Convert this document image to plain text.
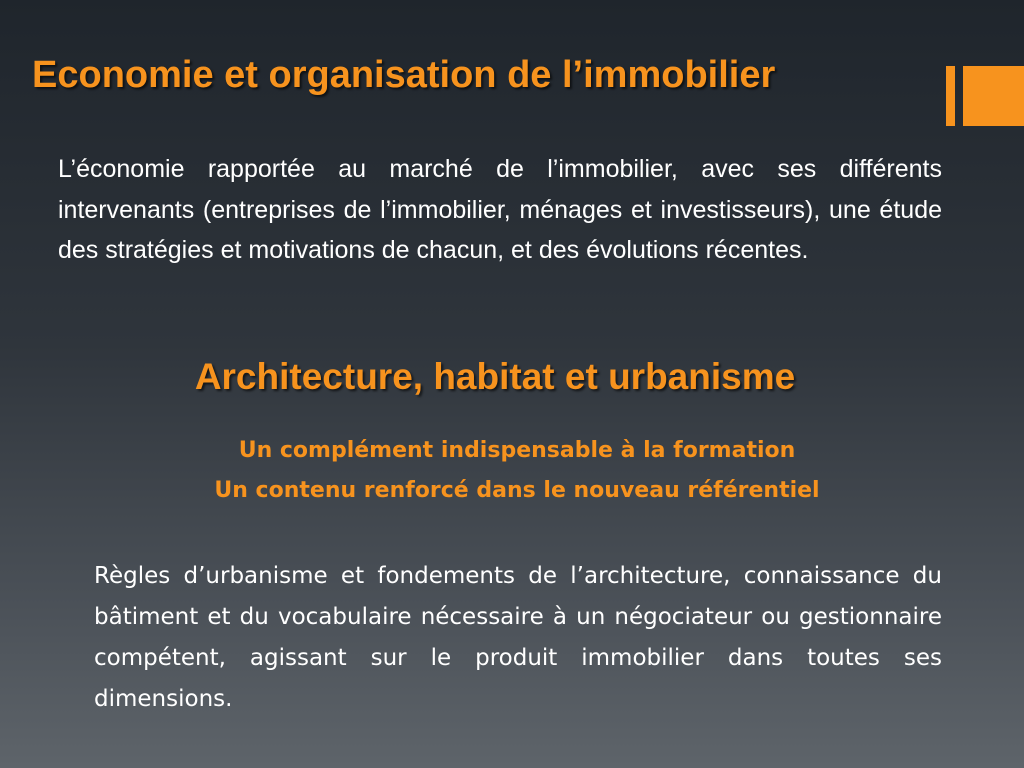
Economie et organisation de l’immobilier
L’économie rapportée au marché de l’immobilier, avec ses différents intervenants (entreprises de l’immobilier, ménages et investisseurs), une étude des stratégies et motivations de chacun, et des évolutions récentes.
Architecture, habitat et urbanisme
Un complément indispensable à la formation
Un contenu renforcé dans le nouveau référentiel
Règles d’urbanisme et fondements de l’architecture, connaissance du bâtiment et du vocabulaire nécessaire à un négociateur ou gestionnaire compétent, agissant sur le produit immobilier dans toutes ses dimensions.
